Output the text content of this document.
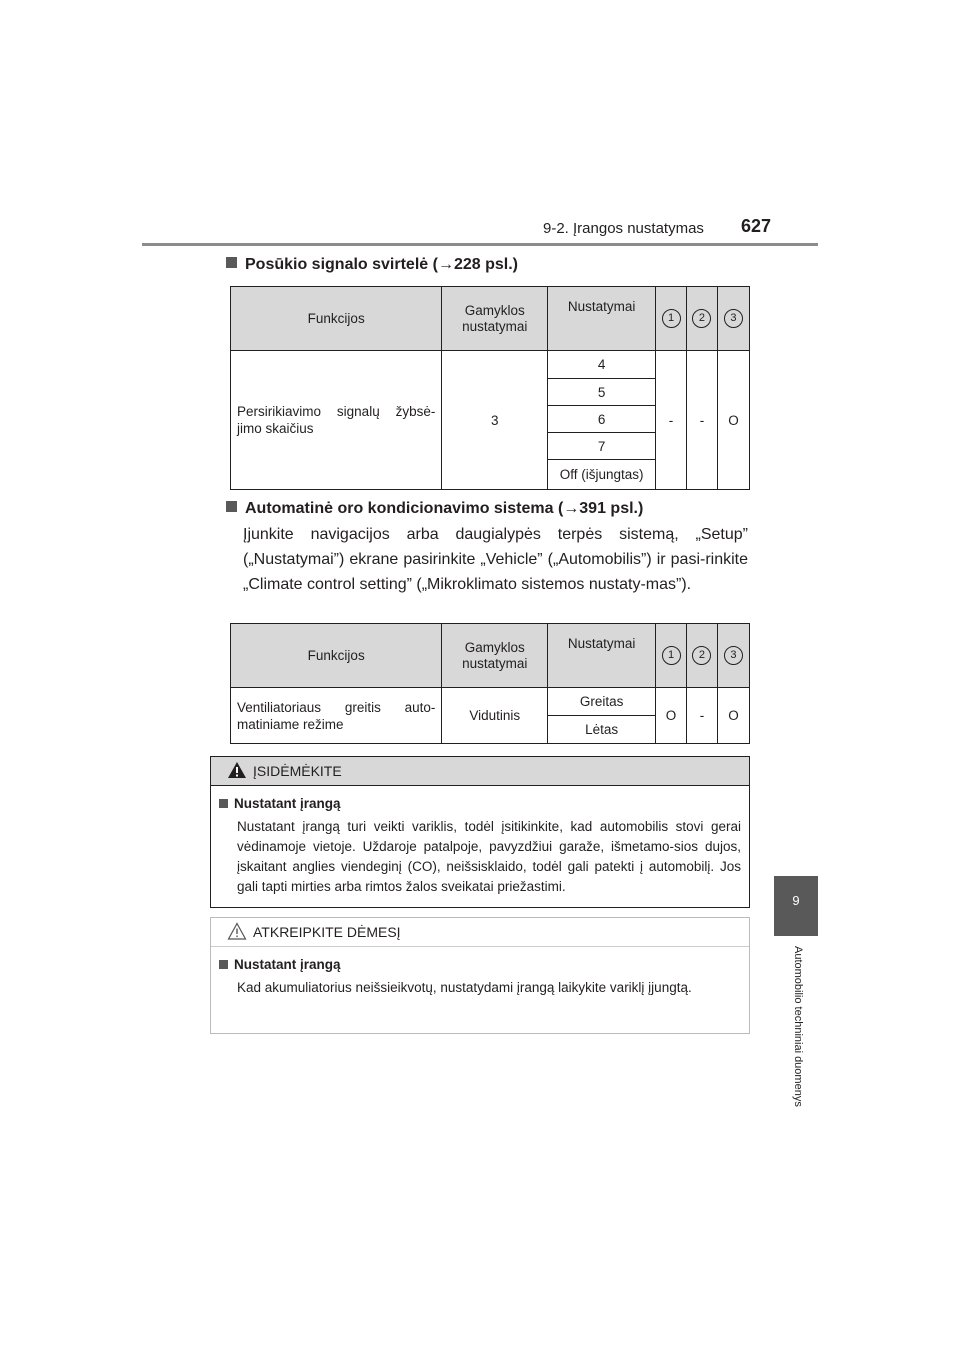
9-2. Įrangos nustatymas 627
9
Automobilio techniniai duomenys
Posūkio signalo svirtelė (→228 psl.)
Funkcijos	Gamyklos nustatymai	Nustatymai	1	2	3
Persirikiavimo signalų žybsė-jimo skaičius	3	4	-	-	O
		5			
		6			
		7			
		Off (išjungtas)			
Automatinė oro kondicionavimo sistema (→391 psl.)
Įjunkite navigacijos arba daugialypės terpės sistemą, „Setup” („Nustatymai”) ekrane pasirinkite „Vehicle” („Automobilis”) ir pasi-rinkite „Climate control setting” („Mikroklimato sistemos nustaty-mas”).
Funkcijos	Gamyklos nustatymai	Nustatymai	1	2	3
Ventiliatoriaus greitis auto-matiniame režime	Vidutinis	Greitas	O	-	O
		Lėtas			
ĮSIDĖMĖKITE
Nustatant įrangą
Nustatant įrangą turi veikti variklis, todėl įsitikinkite, kad automobilis stovi gerai vėdinamoje vietoje. Uždaroje patalpoje, pavyzdžiui garaže, išmetamo-sios dujos, įskaitant anglies viendeginį (CO), neišsisklaido, todėl gali patekti į automobilį. Jos gali tapti mirties arba rimtos žalos sveikatai priežastimi.
ATKREIPKITE DĖMESĮ
Nustatant įrangą
Kad akumuliatorius neišsieikvotų, nustatydami įrangą laikykite variklį įjungtą.
